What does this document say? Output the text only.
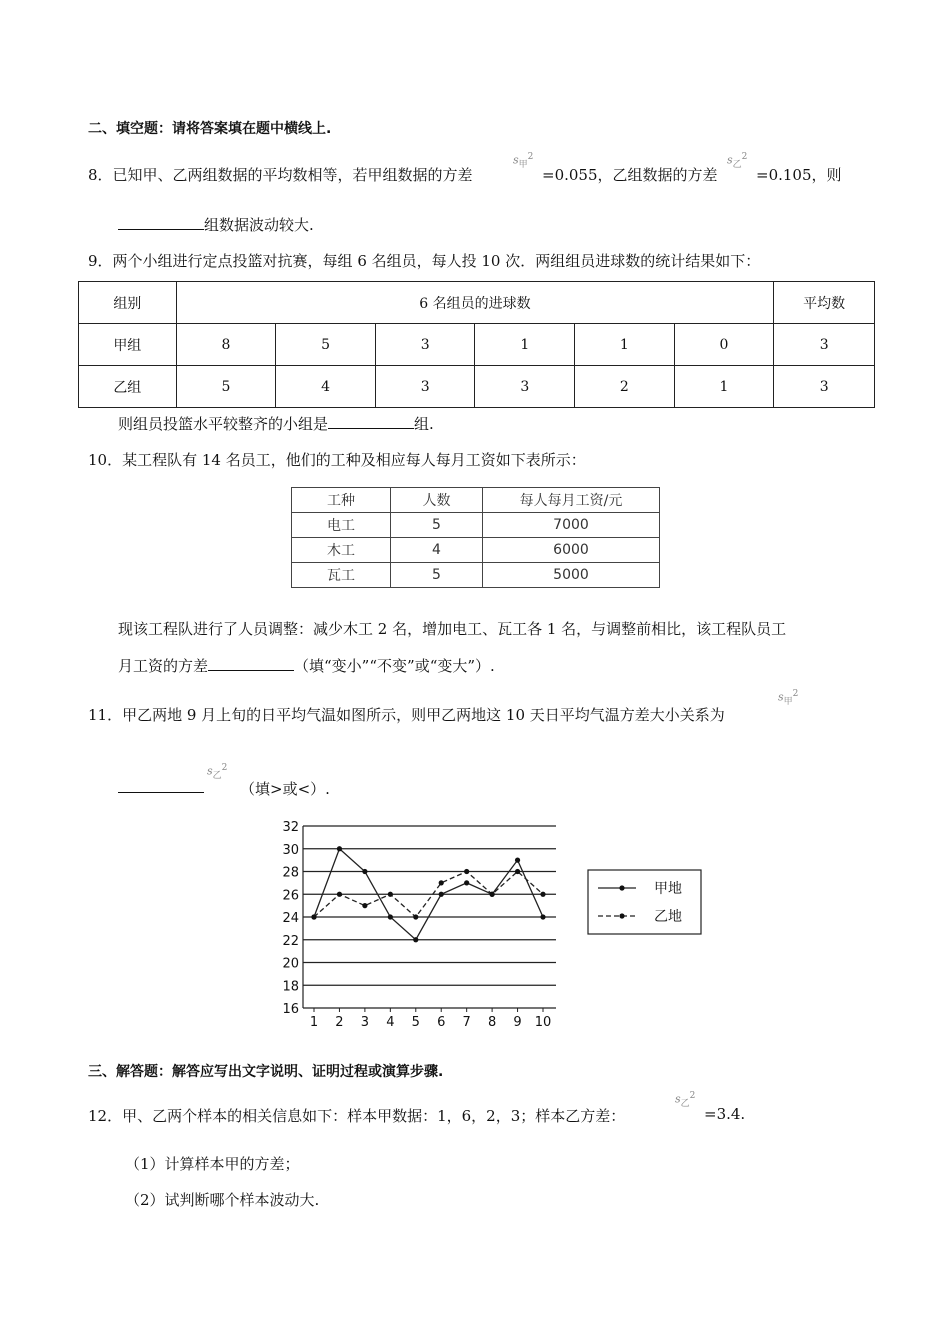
二、填空题：请将答案填在题中横线上.
8．已知甲、乙两组数据的平均数相等，若甲组数据的方差
$s_甲^2$
=0.055，乙组数据的方差
$s_乙^2$
=0.105，则
组数据波动较大.
9．两个小组进行定点投篮对抗赛，每组 6 名组员，每人投 10 次．两组组员进球数的统计结果如下：
组别	6 名组员的进球数						平均数
甲组	8	5	3	1	1	0	3
乙组	5	4	3	3	2	1	3
则组员投篮水平较整齐的小组是	组.
10．某工程队有 14 名员工，他们的工种及相应每人每月工资如下表所示：
工种	人数	每人每月工资/元
电工	5	7000
木工	4	6000
瓦工	5	5000
现该工程队进行了人员调整：减少木工 2 名，增加电工、瓦工各 1 名，与调整前相比，该工程队员工
月工资的方差	（填“变小”“不变”或“变大”）.
11．甲乙两地 9 月上旬的日平均气温如图所示，则甲乙两地这 10 天日平均气温方差大小关系为
$s_甲^2$
$s_乙^2$
（填>或<）.
32
30
28
26
24
22
20
18
16
1 2 3 4 5 6 7 8 9 10
甲地
乙地
三、解答题：解答应写出文字说明、证明过程或演算步骤.
12．甲、乙两个样本的相关信息如下：样本甲数据：1，6，2，3；样本乙方差：
$s_乙^2$
=3.4.
（1）计算样本甲的方差；
（2）试判断哪个样本波动大.
